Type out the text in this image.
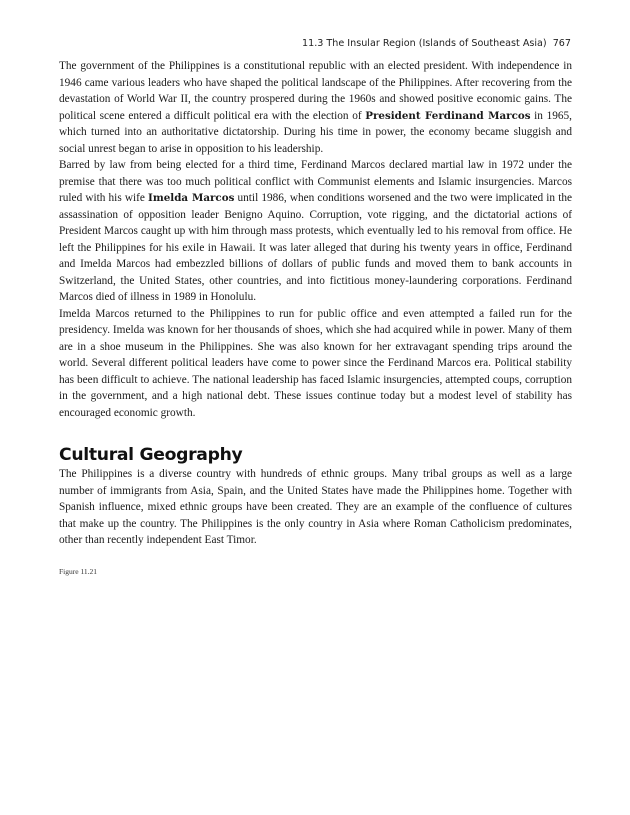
11.3 The Insular Region (Islands of Southeast Asia) 767

The government of the Philippines is a constitutional republic with an elected president. With independence in 1946 came various leaders who have shaped the political landscape of the Philippines. After recovering from the devastation of World War II, the country prospered during the 1960s and showed positive economic gains. The political scene entered a difficult political era with the election of President Ferdinand Marcos in 1965, which turned into an authoritative dictatorship. During his time in power, the economy became sluggish and social unrest began to arise in opposition to his leadership.

Barred by law from being elected for a third time, Ferdinand Marcos declared martial law in 1972 under the premise that there was too much political conflict with Communist elements and Islamic insurgencies. Marcos ruled with his wife Imelda Marcos until 1986, when conditions worsened and the two were implicated in the assassination of opposition leader Benigno Aquino. Corruption, vote rigging, and the dictatorial actions of President Marcos caught up with him through mass protests, which eventually led to his removal from office. He left the Philippines for his exile in Hawaii. It was later alleged that during his twenty years in office, Ferdinand and Imelda Marcos had embezzled billions of dollars of public funds and moved them to bank accounts in Switzerland, the United States, other countries, and into fictitious money-laundering corporations. Ferdinand Marcos died of illness in 1989 in Honolulu.

Imelda Marcos returned to the Philippines to run for public office and even attempted a failed run for the presidency. Imelda was known for her thousands of shoes, which she had acquired while in power. Many of them are in a shoe museum in the Philippines. She was also known for her extravagant spending trips around the world. Several different political leaders have come to power since the Ferdinand Marcos era. Political stability has been difficult to achieve. The national leadership has faced Islamic insurgencies, attempted coups, corruption in the government, and a high national debt. These issues continue today but a modest level of stability has encouraged economic growth.

Cultural Geography

The Philippines is a diverse country with hundreds of ethnic groups. Many tribal groups as well as a large number of immigrants from Asia, Spain, and the United States have made the Philippines home. Together with Spanish influence, mixed ethnic groups have been created. They are an example of the confluence of cultures that make up the country. The Philippines is the only country in Asia where Roman Catholicism predominates, other than recently independent East Timor.

Figure 11.21
